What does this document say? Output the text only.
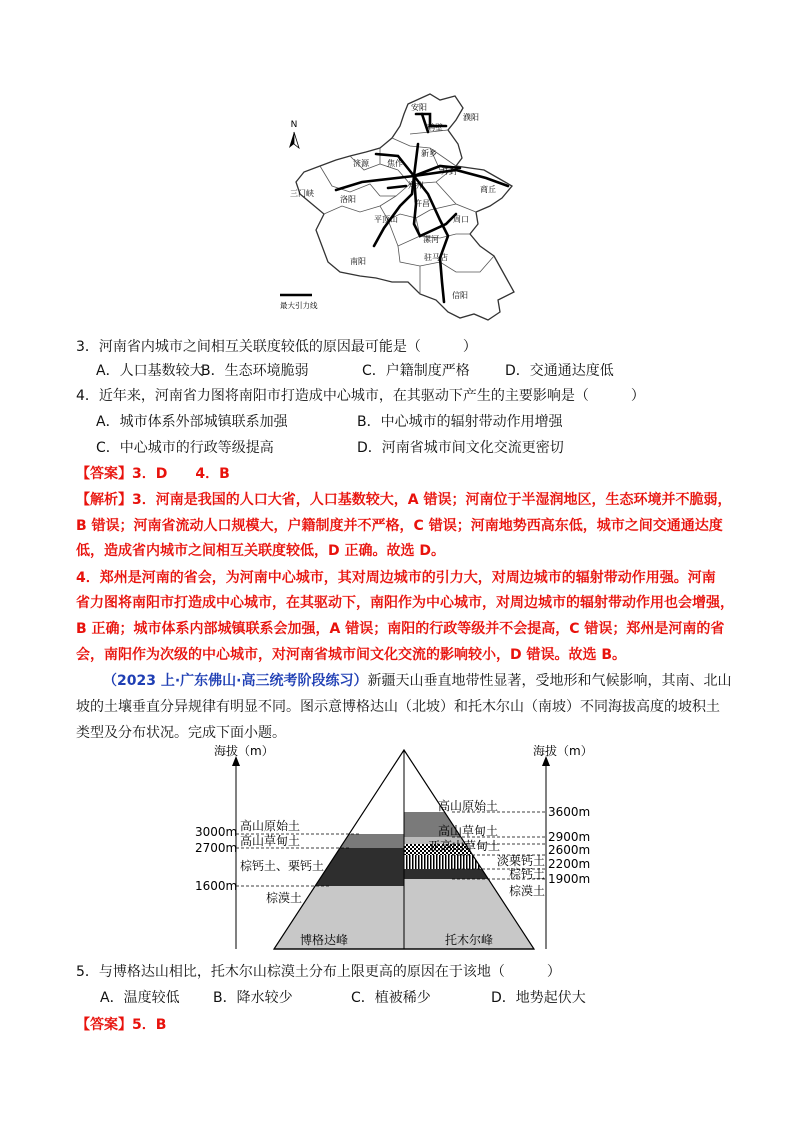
N
安阳
鹤壁
濮阳
新乡
济源 焦作
开封
郑州
三门峡
洛阳
商丘
许昌
平顶山	周口
漯河
南阳	驻马店
信阳
最大引力线
3．河南省内城市之间相互关联度较低的原因最可能是（　　　）
A．人口基数较大
B．生态环境脆弱	C．户籍制度严格	D．交通通达度低
4．近年来，河南省力图将南阳市打造成中心城市，在其驱动下产生的主要影响是（　　　）
A．城市体系外部城镇联系加强	B．中心城市的辐射带动作用增强
C．中心城市的行政等级提高	D．河南省城市间文化交流更密切
【答案】3．D　　4．B
【解析】3．河南是我国的人口大省，人口基数较大，A 错误；河南位于半湿润地区，生态环境并不脆弱，
B 错误；河南省流动人口规模大，户籍制度并不严格，C 错误；河南地势西高东低，城市之间交通通达度
低，造成省内城市之间相互关联度较低，D 正确。故选 D。
4．郑州是河南的省会，为河南中心城市，其对周边城市的引力大，对周边城市的辐射带动作用强。河南
省力图将南阳市打造成中心城市，在其驱动下，南阳作为中心城市，对周边城市的辐射带动作用也会增强，
B 正确；城市体系内部城镇联系会加强，A 错误；南阳的行政等级并不会提高，C 错误；郑州是河南的省
会，南阳作为次级的中心城市，对河南省城市间文化交流的影响较小，D 错误。故选 B。
（2023 上·广东佛山·高三统考阶段练习）新疆天山垂直地带性显著，受地形和气候影响，其南、北山
坡的土壤垂直分异规律有明显不同。图示意博格达山（北坡）和托木尔山（南坡）不同海拔高度的坡积土
类型及分布状况。完成下面小题。
海拔（m）	海拔（m）
3000m
2700m
1600m
高山原始土
高山草甸土
棕钙土、栗钙土
棕漠土
高山原始土
高山草甸土
亚高山草甸土
淡栗钙土
棕钙土
棕漠土
3600m
2900m
2600m
2200m
1900m
博格达峰	托木尔峰
5．与博格达山相比，托木尔山棕漠土分布上限更高的原因在于该地（　　　）
A．温度较低 B．降水较少	C．植被稀少	D．地势起伏大
【答案】5．B
